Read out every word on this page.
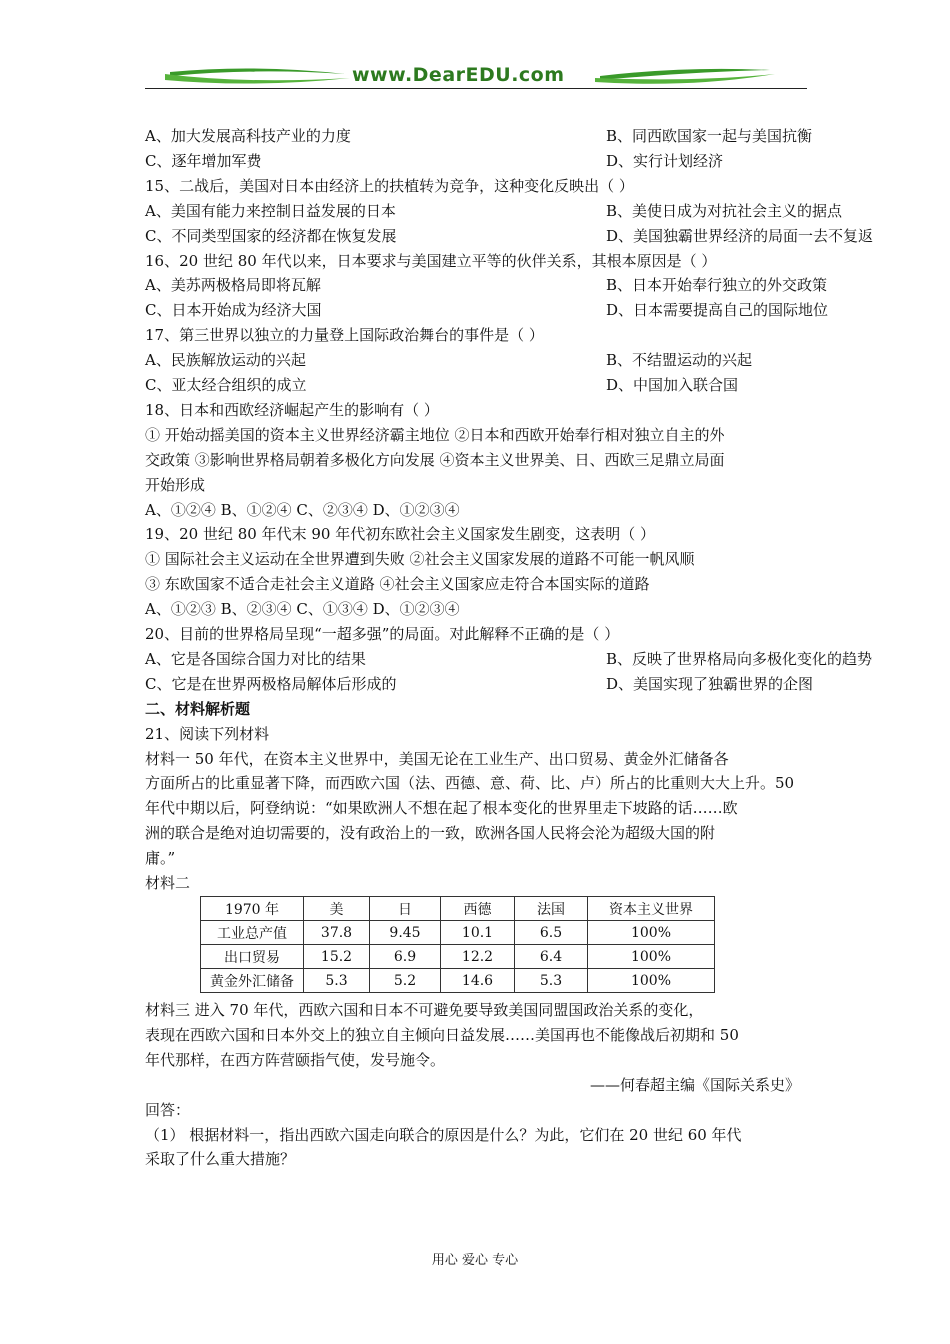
www.DearEDU.com
A、加大发展高科技产业的力度	B、同西欧国家一起与美国抗衡
C、逐年增加军费	D、实行计划经济
15、二战后，美国对日本由经济上的扶植转为竞争，这种变化反映出（ ）
A、美国有能力来控制日益发展的日本	B、美使日成为对抗社会主义的据点
C、不同类型国家的经济都在恢复发展	D、美国独霸世界经济的局面一去不复返
16、20 世纪 80 年代以来，日本要求与美国建立平等的伙伴关系，其根本原因是（ ）
A、美苏两极格局即将瓦解	B、日本开始奉行独立的外交政策
C、日本开始成为经济大国	D、日本需要提高自己的国际地位
17、第三世界以独立的力量登上国际政治舞台的事件是（ ）
A、民族解放运动的兴起	B、不结盟运动的兴起
C、亚太经合组织的成立	D、中国加入联合国
18、日本和西欧经济崛起产生的影响有（ ）
① 开始动摇美国的资本主义世界经济霸主地位 ②日本和西欧开始奉行相对独立自主的外
交政策 ③影响世界格局朝着多极化方向发展 ④资本主义世界美、日、西欧三足鼎立局面
开始形成
A、①②④ B、①②④ C、②③④ D、①②③④
19、20 世纪 80 年代末 90 年代初东欧社会主义国家发生剧变，这表明（ ）
① 国际社会主义运动在全世界遭到失败 ②社会主义国家发展的道路不可能一帆风顺
③ 东欧国家不适合走社会主义道路 ④社会主义国家应走符合本国实际的道路
A、①②③ B、②③④ C、①③④ D、①②③④
20、目前的世界格局呈现“一超多强”的局面。对此解释不正确的是（ ）
A、它是各国综合国力对比的结果	B、反映了世界格局向多极化变化的趋势
C、它是在世界两极格局解体后形成的	D、美国实现了独霸世界的企图
二、材料解析题
21、阅读下列材料
材料一 50 年代，在资本主义世界中，美国无论在工业生产、出口贸易、黄金外汇储备各
方面所占的比重显著下降，而西欧六国（法、西德、意、荷、比、卢）所占的比重则大大上升。50
年代中期以后，阿登纳说：“如果欧洲人不想在起了根本变化的世界里走下坡路的话……欧
洲的联合是绝对迫切需要的，没有政治上的一致，欧洲各国人民将会沦为超级大国的附
庸。”
材料二
1970 年	美	日	西德	法国	资本主义世界
工业总产值	37.8	9.45	10.1	6.5	100%
出口贸易	15.2	6.9	12.2	6.4	100%
黄金外汇储备	5.3	5.2	14.6	5.3	100%
材料三 进入 70 年代，西欧六国和日本不可避免要导致美国同盟国政治关系的变化，
表现在西欧六国和日本外交上的独立自主倾向日益发展……美国再也不能像战后初期和 50
年代那样，在西方阵营颐指气使，发号施令。
——何春超主编《国际关系史》
回答：
（1） 根据材料一，指出西欧六国走向联合的原因是什么？为此，它们在 20 世纪 60 年代
采取了什么重大措施？
用心 爱心 专心
